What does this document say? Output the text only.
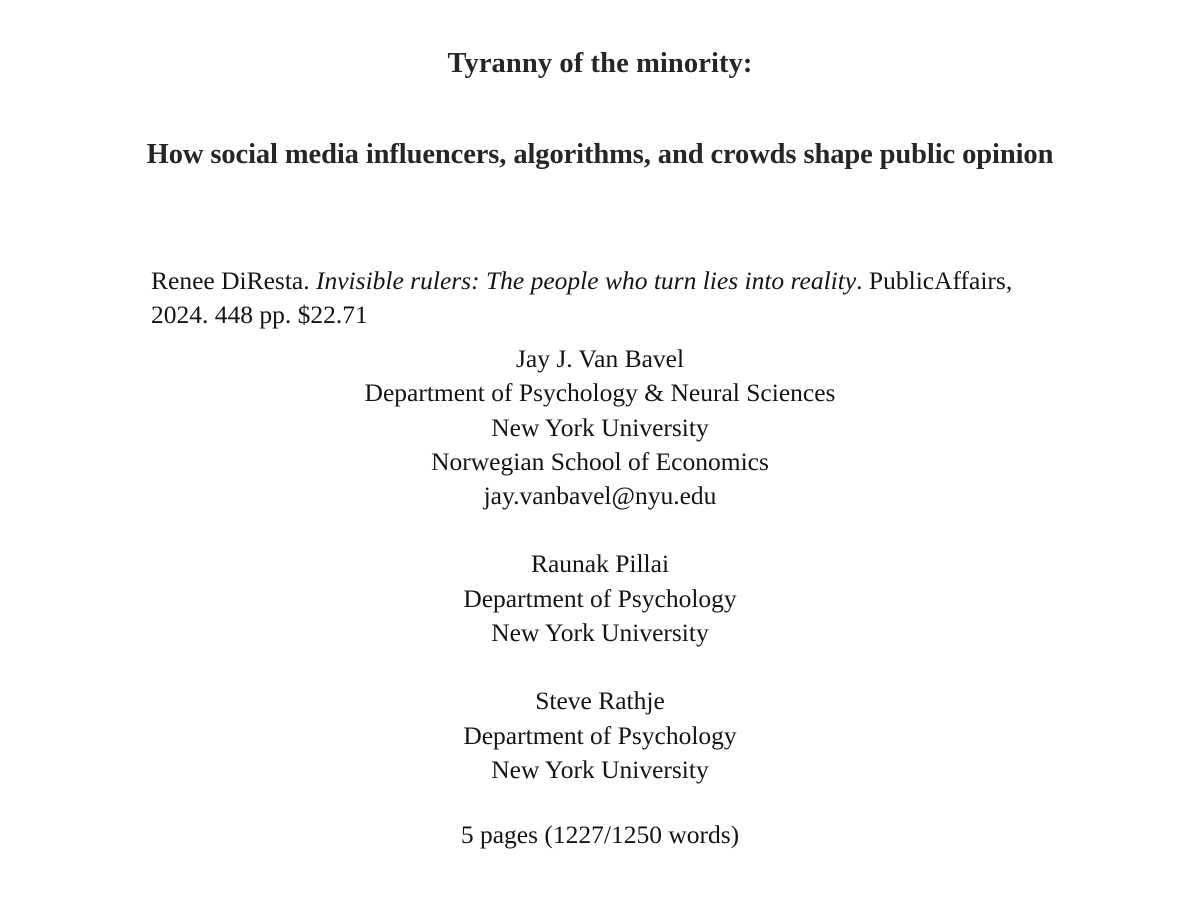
Tyranny of the minority:
How social media influencers, algorithms, and crowds shape public opinion

Renee DiResta. Invisible rulers: The people who turn lies into reality. PublicAffairs, 2024. 448 pp. $22.71

Jay J. Van Bavel
Department of Psychology & Neural Sciences
New York University
Norwegian School of Economics
jay.vanbavel@nyu.edu
Raunak Pillai
Department of Psychology
New York University
Steve Rathje
Department of Psychology
New York University
5 pages (1227/1250 words)
